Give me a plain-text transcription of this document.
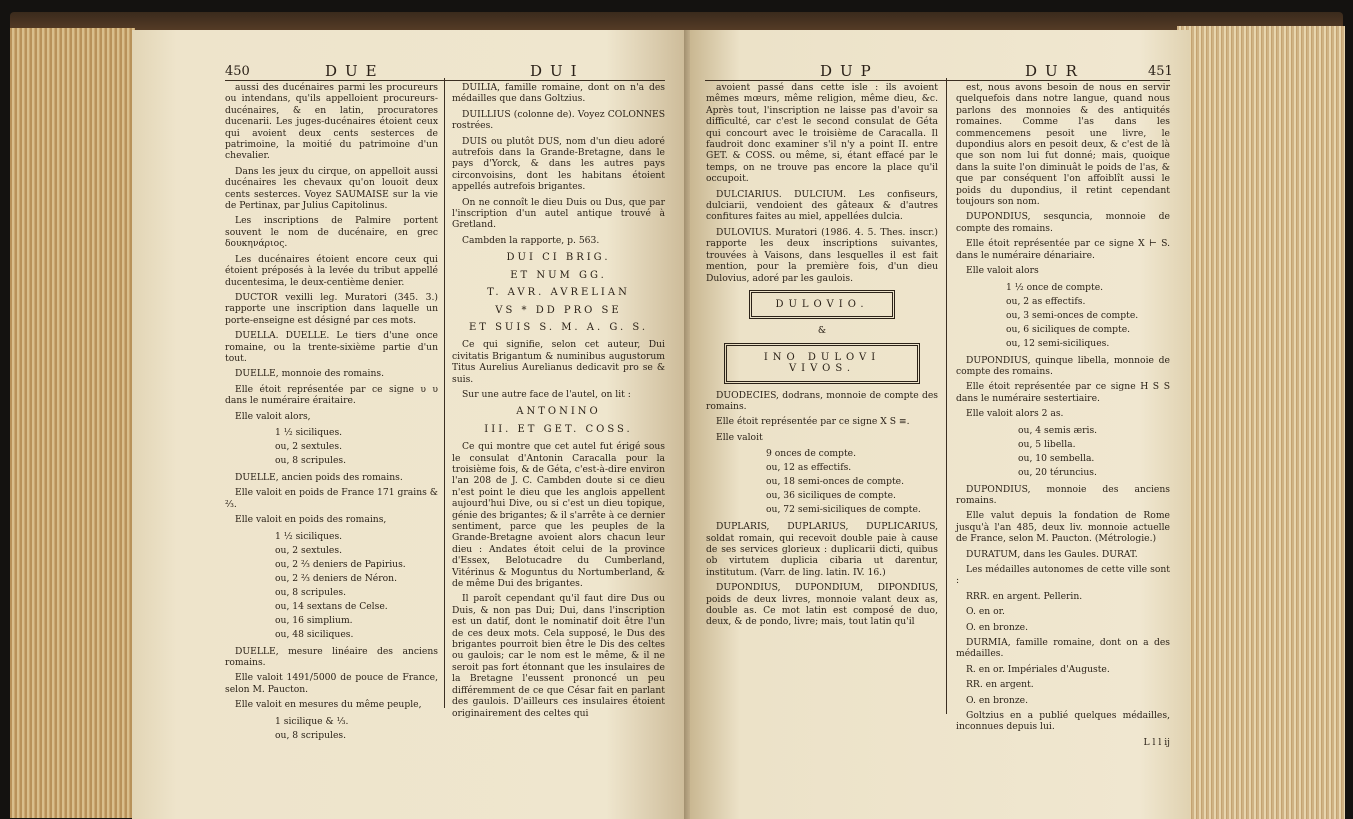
450	DUE	DUI

aussi des ducénaires parmi les procureurs ou intendans, qu'ils appelloient procureurs-ducénaires, & en latin, procuratores ducenarii. Les juges-ducénaires étoient ceux qui avoient deux cents sesterces de patrimoine, la moitié du patrimoine d'un chevalier.

Dans les jeux du cirque, on appelloit aussi ducénaires les chevaux qu'on louoit deux cents sesterces. Voyez SAUMAISE sur la vie de Pertinax, par Julius Capitolinus.

Les inscriptions de Palmire portent souvent le nom de ducénaire, en grec δουκηνάριος.

Les ducénaires étoient encore ceux qui étoient préposés à la levée du tribut appellé ducentesima, le deux-centième denier.

DUCTOR vexilli leg. Muratori (345. 3.) rapporte une inscription dans laquelle un porte-enseigne est désigné par ces mots.

DUELLA. DUELLE. Le tiers d'une once romaine, ou la trente-sixième partie d'un tout.

DUELLE, monnoie des romains.

Elle étoit représentée par ce signe υ υ dans le numéraire éraitaire.

Elle valoit alors,

1 ½ siciliques.
ou, 2 sextules.
ou, 8 scripules.

DUELLE, ancien poids des romains.

Elle valoit en poids de France 171 grains & ⅔.

Elle valoit en poids des romains,

1 ½ siciliques.
ou, 2 sextules.
ou, 2 ⅔ deniers de Papirius.
ou, 2 ⅔ deniers de Néron.
ou, 8 scripules.
ou, 14 sextans de Celse.
ou, 16 simplium.
ou, 48 siciliques.

DUELLE, mesure linéaire des anciens romains.

Elle valoit 1491/5000 de pouce de France, selon M. Paucton.

Elle valoit en mesures du même peuple,

1 sicilique & ⅓.
ou, 8 scripules.

DUILIA, famille romaine, dont on n'a des médailles que dans Goltzius.

DUILLIUS (colonne de). Voyez COLONNES rostrées.

DUIS ou plutôt DUS, nom d'un dieu adoré autrefois dans la Grande-Bretagne, dans le pays d'Yorck, & dans les autres pays circonvoisins, dont les habitans étoient appellés autrefois brigantes.

On ne connoît le dieu Duis ou Dus, que par l'inscription d'un autel antique trouvé à Gretland.

Cambden la rapporte, p. 563.

DUI CI BRIG.
ET NUM GG.
T. AVR. AVRELIAN
VS * DD PRO SE
ET SUIS S. M. A. G. S.

Ce qui signifie, selon cet auteur, Dui civitatis Brigantum & numinibus augustorum Titus Aurelius Aurelianus dedicavit pro se & suis.

Sur une autre face de l'autel, on lit :

ANTONINO
III. ET GET. COSS.

Ce qui montre que cet autel fut érigé sous le consulat d'Antonin Caracalla pour la troisième fois, & de Géta, c'est-à-dire environ l'an 208 de J. C. Cambden doute si ce dieu n'est point le dieu que les anglois appellent aujourd'hui Dive, ou si c'est un dieu topique, génie des brigantes; & il s'arrête à ce dernier sentiment, parce que les peuples de la Grande-Bretagne avoient alors chacun leur dieu : Andates étoit celui de la province d'Essex, Belotucadre du Cumberland, Vitérinus & Moguntus du Nortumberland, & de même Dui des brigantes.

Il paroît cependant qu'il faut dire Dus ou Duis, & non pas Dui; Dui, dans l'inscription est un datif, dont le nominatif doit être l'un de ces deux mots. Cela supposé, le Dus des brigantes pourroit bien être le Dis des celtes ou gaulois; car le nom est le même, & il ne seroit pas fort étonnant que les insulaires de la Bretagne l'eussent prononcé un peu différemment de ce que César fait en parlant des gaulois. D'ailleurs ces insulaires étoient originairement des celtes qui

DUP	DUR	451

avoient passé dans cette isle : ils avoient mêmes mœurs, même religion, même dieu, &c. Après tout, l'inscription ne laisse pas d'avoir sa difficulté, car c'est le second consulat de Géta qui concourt avec le troisième de Caracalla. Il faudroit donc examiner s'il n'y a point II. entre GET. & COSS. ou même, si, étant effacé par le temps, on ne trouve pas encore la place qu'il occupoit.

DULCIARIUS. DULCIUM. Les confiseurs, dulciarii, vendoient des gâteaux & d'autres confitures faites au miel, appellées dulcia.

DULOVIUS. Muratori (1986. 4. 5. Thes. inscr.) rapporte les deux inscriptions suivantes, trouvées à Vaisons, dans lesquelles il est fait mention, pour la première fois, d'un dieu Dulovius, adoré par les gaulois.

DULOVIO.

&

INO DULOVI VIVOS.

DUODECIES, dodrans, monnoie de compte des romains.

Elle étoit représentée par ce signe X S ≡.

Elle valoit

9 onces de compte.
ou, 12 as effectifs.
ou, 18 semi-onces de compte.
ou, 36 siciliques de compte.
ou, 72 semi-siciliques de compte.

DUPLARIS, DUPLARIUS, DUPLICARIUS, soldat romain, qui recevoit double paie à cause de ses services glorieux : duplicarii dicti, quibus ob virtutem duplicia cibaria ut darentur, institutum. (Varr. de ling. latin. IV. 16.)

DUPONDIUS, DUPONDIUM, DIPONDIUS, poids de deux livres, monnoie valant deux as, double as. Ce mot latin est composé de duo, deux, & de pondo, livre; mais, tout latin qu'il

est, nous avons besoin de nous en servir quelquefois dans notre langue, quand nous parlons des monnoies & des antiquités romaines. Comme l'as dans les commencemens pesoit une livre, le dupondius alors en pesoit deux, & c'est de là que son nom lui fut donné; mais, quoique dans la suite l'on diminuât le poids de l'as, & que par conséquent l'on affoiblît aussi le poids du dupondius, il retint cependant toujours son nom.

DUPONDIUS, sesquncia, monnoie de compte des romains.

Elle étoit représentée par ce signe X ⊢ S. dans le numéraire dénariaire.

Elle valoit alors

1 ½ once de compte.
ou, 2 as effectifs.
ou, 3 semi-onces de compte.
ou, 6 siciliques de compte.
ou, 12 semi-siciliques.

DUPONDIUS, quinque libella, monnoie de compte des romains.

Elle étoit représentée par ce signe H S S dans le numéraire sestertiaire.

Elle valoit alors 2 as.

ou, 4 semis æris.
ou, 5 libella.
ou, 10 sembella.
ou, 20 téruncius.

DUPONDIUS, monnoie des anciens romains.

Elle valut depuis la fondation de Rome jusqu'à l'an 485, deux liv. monnoie actuelle de France, selon M. Paucton. (Métrologie.)

DURATUM, dans les Gaules. DURAT.

Les médailles autonomes de cette ville sont :

RRR. en argent. Pellerin.

O. en or.

O. en bronze.

DURMIA, famille romaine, dont on a des médailles.

R. en or. Impériales d'Auguste.

RR. en argent.

O. en bronze.

Goltzius en a publié quelques médailles, inconnues depuis lui.

L l l ij
